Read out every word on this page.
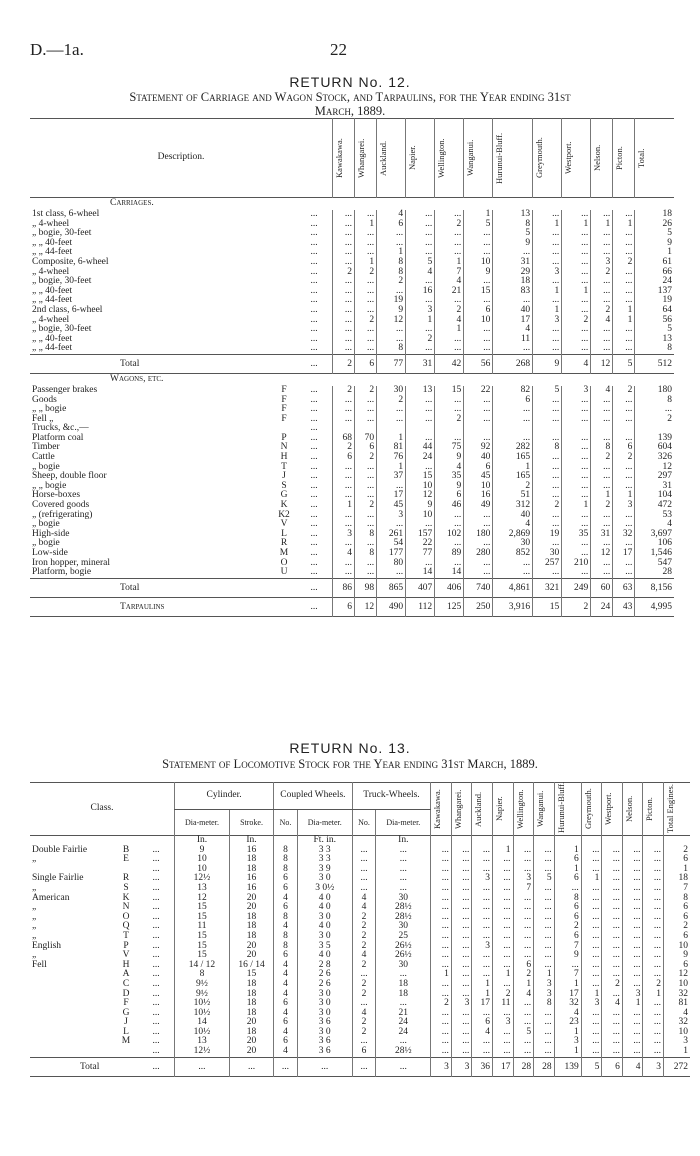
D.—1a.	22
RETURN No. 12.
Statement of Carriage and Wagon Stock, and Tarpaulins, for the Year ending 31st
March, 1889.
Description.			Kawakawa.	Whangarei.	Auckland.	Napier.	Wellington.	Wanganui.	Hurunui-Bluff.	Greymouth.	Westport.	Nelson.	Picton.	Total.

Carriages.														
1st class, 6-wheel		...	...	...	4	...	...	1	13	...	...	...	...	18
„ 4-wheel		...	...	1	6	...	2	5	8	1	1	1	1	26
„ bogie, 30-feet		...	...	...	...	...	...	...	5	...	...	...	...	5
„ „ 40-feet		...	...	...	...	...	...	...	9	...	...	...	...	9
„ „ 44-feet		...	...	...	1	...	...	...	...	...	...	...	...	1
Composite, 6-wheel		...	...	1	8	5	1	10	31	...	...	3	2	61
„ 4-wheel		...	2	2	8	4	7	9	29	3	...	2	...	66
„ bogie, 30-feet		...	...	...	2	...	4	...	18	...	...	...	...	24
„ „ 40-feet		...	...	...	...	16	21	15	83	1	1	...	...	137
„ „ 44-feet		...	...	...	19	...	...	...	...	...	...	...	...	19
2nd class, 6-wheel		...	...	...	9	3	2	6	40	1	...	2	1	64
„ 4-wheel		...	...	2	12	1	4	10	17	3	2	4	1	56
„ bogie, 30-feet		...	...	...	...	...	1	...	4	...	...	...	...	5
„ „ 40-feet		...	...	...	...	2	...	...	11	...	...	...	...	13
„ „ 44-feet		...	...	...	8	...	...	...	...	...	...	...	...	8
Total		...	2	6	77	31	42	56	268	9	4	12	5	512
Wagons, etc.														
Passenger brakes	F	...	2	2	30	13	15	22	82	5	3	4	2	180
Goods	F	...	...	...	2	...	...	...	6	...	...	...	...	8
„ „ bogie	F	...	...	...	...	...	...	...	...	...	...	...	...	...
Fell „	F	...	...	...	...	...	2	...	...	...	...	...	...	2
Trucks, &c.,—		...												
Platform coal	P	...	68	70	1	...	...	...	...	...	...	...	...	139
Timber	N	...	2	6	81	44	75	92	282	8	...	8	6	604
Cattle	H	...	6	2	76	24	9	40	165	...	...	2	2	326
„ bogie	T	...	...	...	1	...	4	6	1	...	...	...	...	12
Sheep, double floor	J	...	...	...	37	15	35	45	165	...	...	...	...	297
„ „ bogie	S	...	...	...	...	10	9	10	2	...	...	...	...	31
Horse-boxes	G	...	...	...	17	12	6	16	51	...	...	1	1	104
Covered goods	K	...	1	2	45	9	46	49	312	2	1	2	3	472
„ (refrigerating)	K2	...	...	...	3	10	...	...	40	...	...	...	...	53
„ bogie	V	...	...	...	...	...	...	...	4	...	...	...	...	4
High-side	L	...	3	8	261	157	102	180	2,869	19	35	31	32	3,697
„ bogie	R	...	...	...	54	22	...	...	30	...	...	...	...	106
Low-side	M	...	4	8	177	77	89	280	852	30	...	12	17	1,546
Iron hopper, mineral	O	...	...	...	80	...	...	...	...	257	210	...	...	547
Platform, bogie	U	...	...	...	...	14	14	...	...	...	...	...	...	28
Total		...	86	98	865	407	406	740	4,861	321	249	60	63	8,156
Tarpaulins		...	6	12	490	112	125	250	3,916	15	2	24	43	4,995
RETURN No. 13.
Statement of Locomotive Stock for the Year ending 31st March, 1889.
Class.			Cylinder.		Coupled Wheels.		Truck-Wheels.		Kawakawa.	Whangarei.	Auckland.	Napier.	Wellington.	Wanganui.	Hurunui-Bluff.	Greymouth.	Westport.	Nelson.	Picton.	Total Engines.

			Dia-meter.	Stroke.	No.	Dia-meter.	No.	Dia-meter.												
			In.	In.		Ft. in.		In.												
Double Fairlie	B	...	9	16	8	3 3	...	...	...	...	...	1	...	...	1	...	...	...	...	2
„	E	...	10	18	8	3 3	...	...	...	...	...	...	...	...	6	...	...	...	...	6
		...	10	18	8	3 9	...	...	...	...	...	...	...	...	1	...	...	...	...	1
Single Fairlie	R	...	12½	16	6	3 0	...	...	...	...	3	...	3	5	6	1	...	...	...	18
„	S	...	13	16	6	3 0½	...	...	...	...	...	...	7	...	...	...	...	...	...	7
American	K	...	12	20	4	4 0	4	30	...	...	...	...	...	...	8	...	...	...	...	8
„	N	...	15	20	6	4 0	4	28½	...	...	...	...	...	...	6	...	...	...	...	6
„	O	...	15	18	8	3 0	2	28½	...	...	...	...	...	...	6	...	...	...	...	6
„	Q	...	11	18	4	4 0	2	30	...	...	...	...	...	...	2	...	...	...	...	2
„	T	...	15	18	8	3 0	2	25	...	...	...	...	...	...	6	...	...	...	...	6
English	P	...	15	20	8	3 5	2	26½	...	...	3	...	...	...	7	...	...	...	...	10
„	V	...	15	20	6	4 0	4	26½	...	...	...	...	...	...	9	...	...	...	...	9
Fell	H	...	14 / 12	16 / 14	4	2 8	2	30	...	...	...	...	6	...	...	...	...	...	...	6
	A	...	8	15	4	2 6	...	...	1	...	...	1	2	1	7	...	...	...	...	12
	C	...	9½	18	4	2 6	2	18	...	...	1	...	1	3	1	...	2	...	2	10
	D	...	9½	18	4	3 0	2	18	...	...	1	2	4	3	17	1	...	3	1	32
	F	...	10½	18	6	3 0	...	...	2	3	17	11	...	8	32	3	4	1	...	81
	G	...	10½	18	4	3 0	4	21	...	...	...	...	...	...	4	...	...	...	...	4
	J	...	14	20	6	3 6	2	24	...	...	6	3	...	...	23	...	...	...	...	32
	L	...	10½	18	4	3 0	2	24	...	...	4	...	5	...	1	...	...	...	...	10
	M	...	13	20	6	3 6	...	...	...	...	...	...	...	...	3	...	...	...	...	3
		...	12½	20	4	3 6	6	28½	...	...	...	...	...	...	1	...	...	...	...	1
Total		...	...	...	...	...	...	...	3	3	36	17	28	28	139	5	6	4	3	272
